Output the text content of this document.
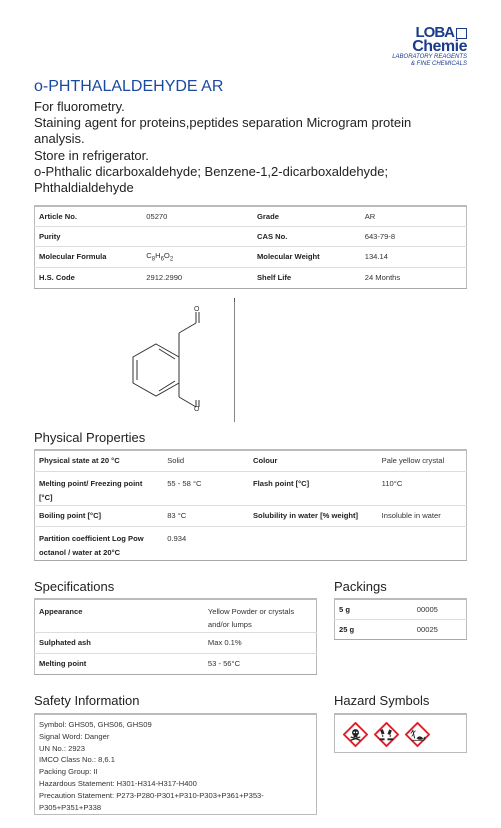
LOBA
Chemie
LABORATORY REAGENTS
& FINE CHEMICALS
o-PHTHALALDEHYDE AR
For fluorometry.
Staining agent for proteins,peptides separation Microgram protein analysis.
Store in refrigerator.
o-Phthalic dicarboxaldehyde; Benzene-1,2-dicarboxaldehyde; Phthaldialdehyde
Article No.	05270	Grade	AR
Purity		CAS No.	643-79-8
Molecular Formula	$C_8H_6O_2$	Molecular Weight	134.14
H.S. Code	2912.2990	Shelf Life	24 Months
O
O
Physical Properties
Physical state at 20 °C	Solid	Colour	Pale yellow crystal

Melting point/ Freezing point
[°C]	55 - 58 °C	Flash point [°C]	110°C
Boiling point [°C]	83 °C	Solubility in water [% weight]	Insoluble in water

Partition coefficient Log Pow
octanol / water at 20°C	0.934		
Specifications
Appearance	Yellow Powder or crystals
and/or lumps

Sulphated ash	Max 0.1%
Melting point	53 - 56°C
Packings
5 g	00005
25 g	00025
Safety Information
Symbol: GHS05, GHS06, GHS09
Signal Word: Danger
UN No.: 2923
IMCO Class No.: 8,6.1
Packing Group: II
Hazardous Statement: H301-H314-H317-H400
Precaution Statement: P273-P280-P301+P310-P303+P361+P353-
P305+P351+P338
Hazard Symbols
